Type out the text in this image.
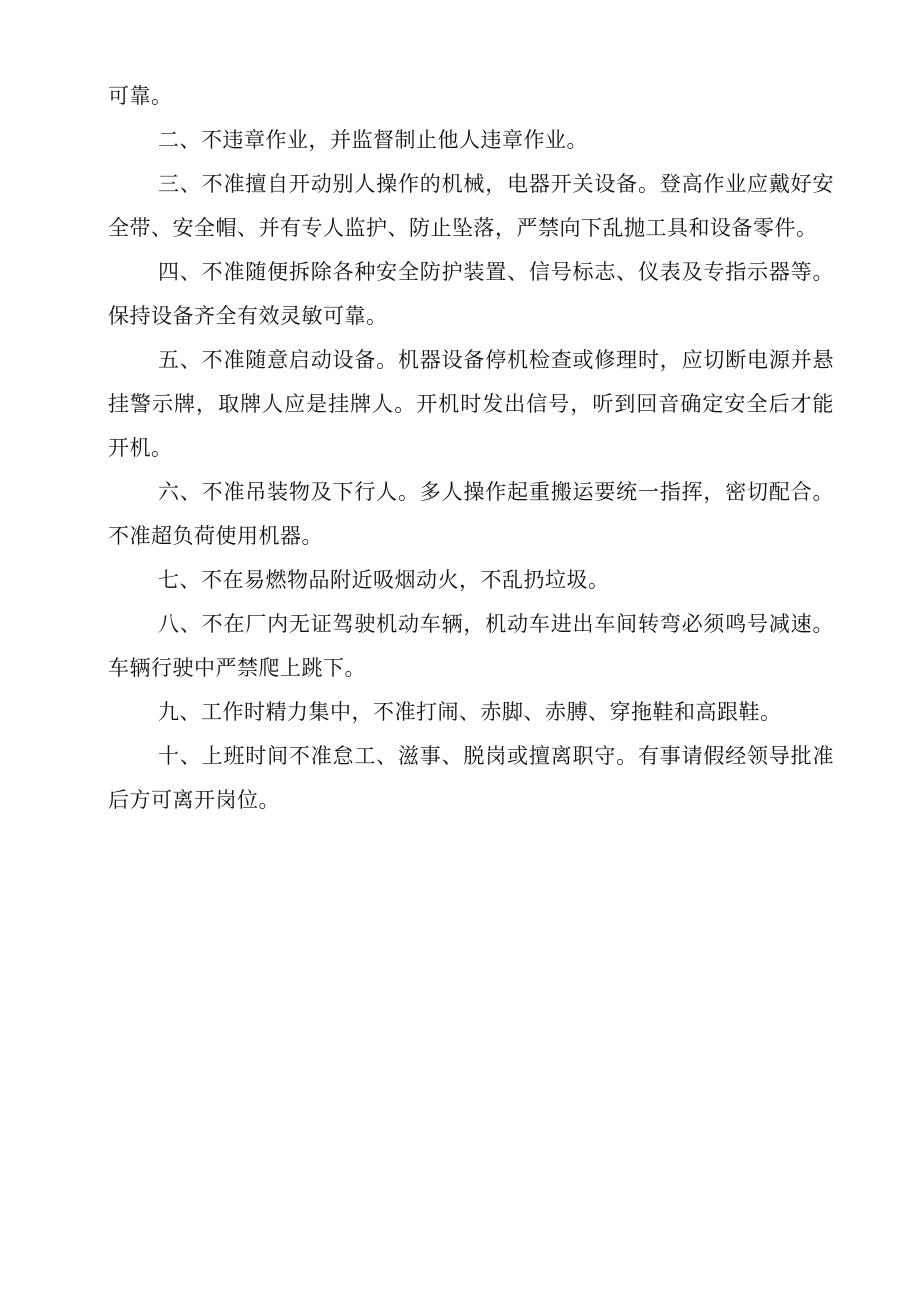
可靠。

二、不违章作业，并监督制止他人违章作业。

三、不准擅自开动别人操作的机械，电器开关设备。登高作业应戴好安全带、安全帽、并有专人监护、防止坠落，严禁向下乱抛工具和设备零件。

四、不准随便拆除各种安全防护装置、信号标志、仪表及专指示器等。保持设备齐全有效灵敏可靠。

五、不准随意启动设备。机器设备停机检查或修理时，应切断电源并悬挂警示牌，取牌人应是挂牌人。开机时发出信号，听到回音确定安全后才能开机。

六、不准吊装物及下行人。多人操作起重搬运要统一指挥，密切配合。不准超负荷使用机器。

七、不在易燃物品附近吸烟动火，不乱扔垃圾。

八、不在厂内无证驾驶机动车辆，机动车进出车间转弯必须鸣号减速。车辆行驶中严禁爬上跳下。

九、工作时精力集中，不准打闹、赤脚、赤膊、穿拖鞋和高跟鞋。

十、上班时间不准怠工、滋事、脱岗或擅离职守。有事请假经领导批准后方可离开岗位。
